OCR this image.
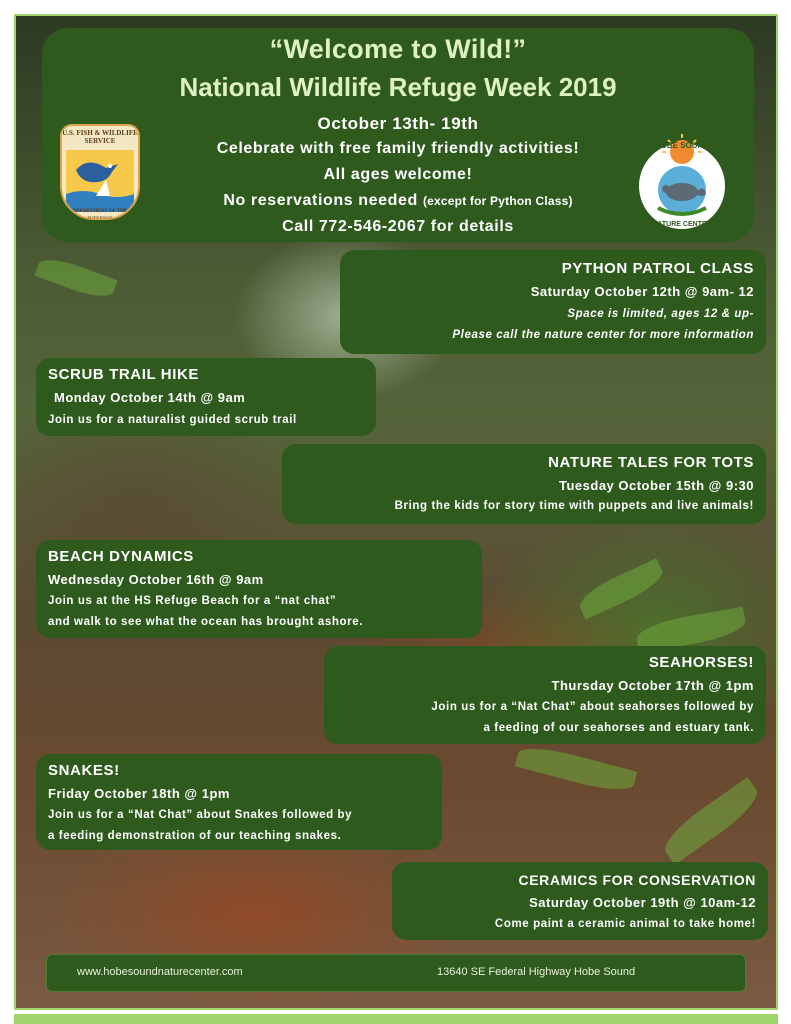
“Welcome to Wild!”
National Wildlife Refuge Week 2019
October 13th- 19th
Celebrate with free family friendly activities!
All ages welcome!
No reservations needed (except for Python Class)
Call 772-546-2067 for details
U.S. FISH & WILDLIFE SERVICE
DEPARTMENT OF THE INTERIOR
HOBE SOUND
NATURE CENTER
PYTHON PATROL CLASS
Saturday October 12th @ 9am- 12
Space is limited, ages 12 & up-
Please call the nature center for more information
SCRUB TRAIL HIKE
Monday October 14th @ 9am
Join us for a naturalist guided scrub trail
NATURE TALES FOR TOTS
Tuesday October 15th @ 9:30
Bring the kids for story time with puppets and live animals!
BEACH DYNAMICS
Wednesday October 16th @ 9am
Join us at the HS Refuge Beach for a “nat chat”
and walk to see what the ocean has brought ashore.
SEAHORSES!
Thursday October 17th @ 1pm
Join us for a “Nat Chat” about seahorses followed by
a feeding of our seahorses and estuary tank.
SNAKES!
Friday October 18th @ 1pm
Join us for a “Nat Chat” about Snakes followed by
a feeding demonstration of our teaching snakes.
CERAMICS FOR CONSERVATION
Saturday October 19th @ 10am-12
Come paint a ceramic animal to take home!
www.hobesoundnaturecenter.com	13640 SE Federal Highway Hobe Sound
